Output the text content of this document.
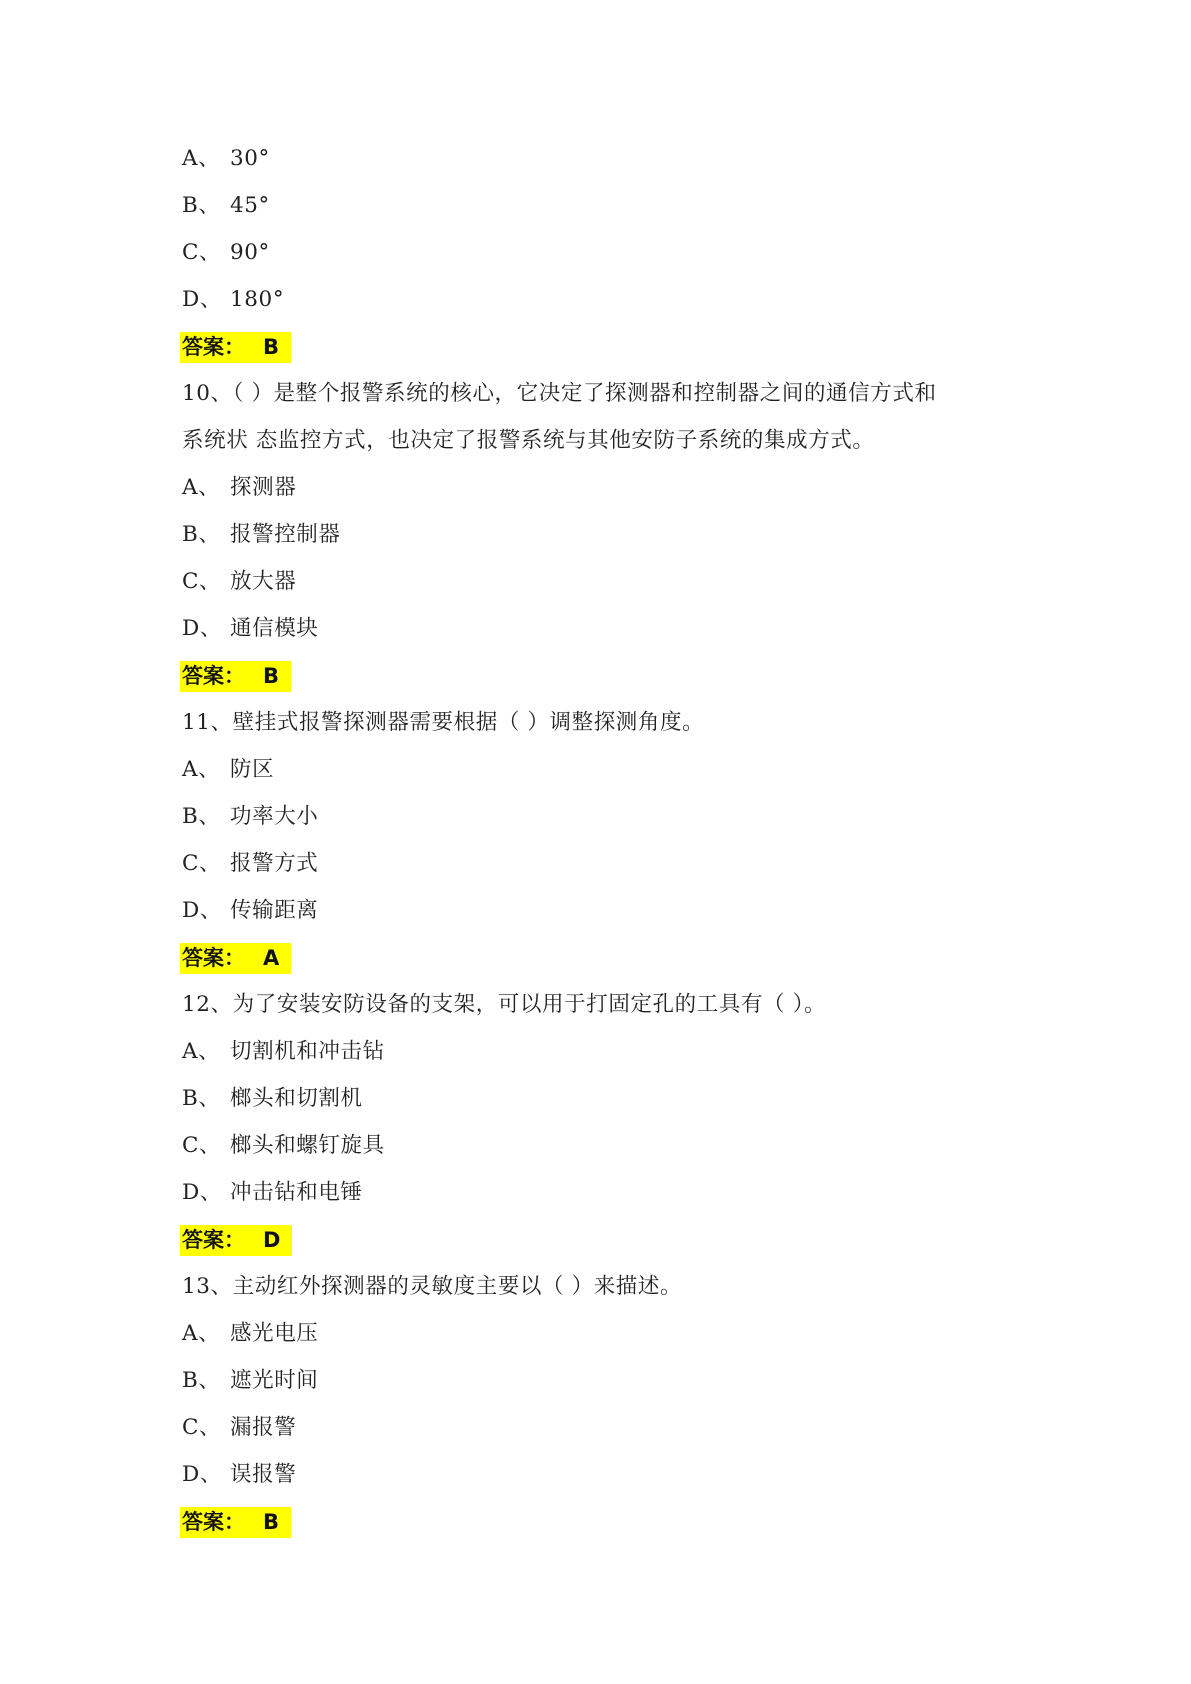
A、 30°
B、 45°
C、 90°
D、 180°
答案： B
10、（ ）是整个报警系统的核心，它决定了探测器和控制器之间的通信方式和
系统状 态监控方式，也决定了报警系统与其他安防子系统的集成方式。
A、 探测器
B、 报警控制器
C、 放大器
D、 通信模块
答案： B
11、壁挂式报警探测器需要根据（ ）调整探测角度。
A、 防区
B、 功率大小
C、 报警方式
D、 传输距离
答案： A
12、为了安装安防设备的支架，可以用于打固定孔的工具有（ ）。
A、 切割机和冲击钻
B、 榔头和切割机
C、 榔头和螺钉旋具
D、 冲击钻和电锤
答案： D
13、主动红外探测器的灵敏度主要以（ ）来描述。
A、 感光电压
B、 遮光时间
C、 漏报警
D、 误报警
答案： B
